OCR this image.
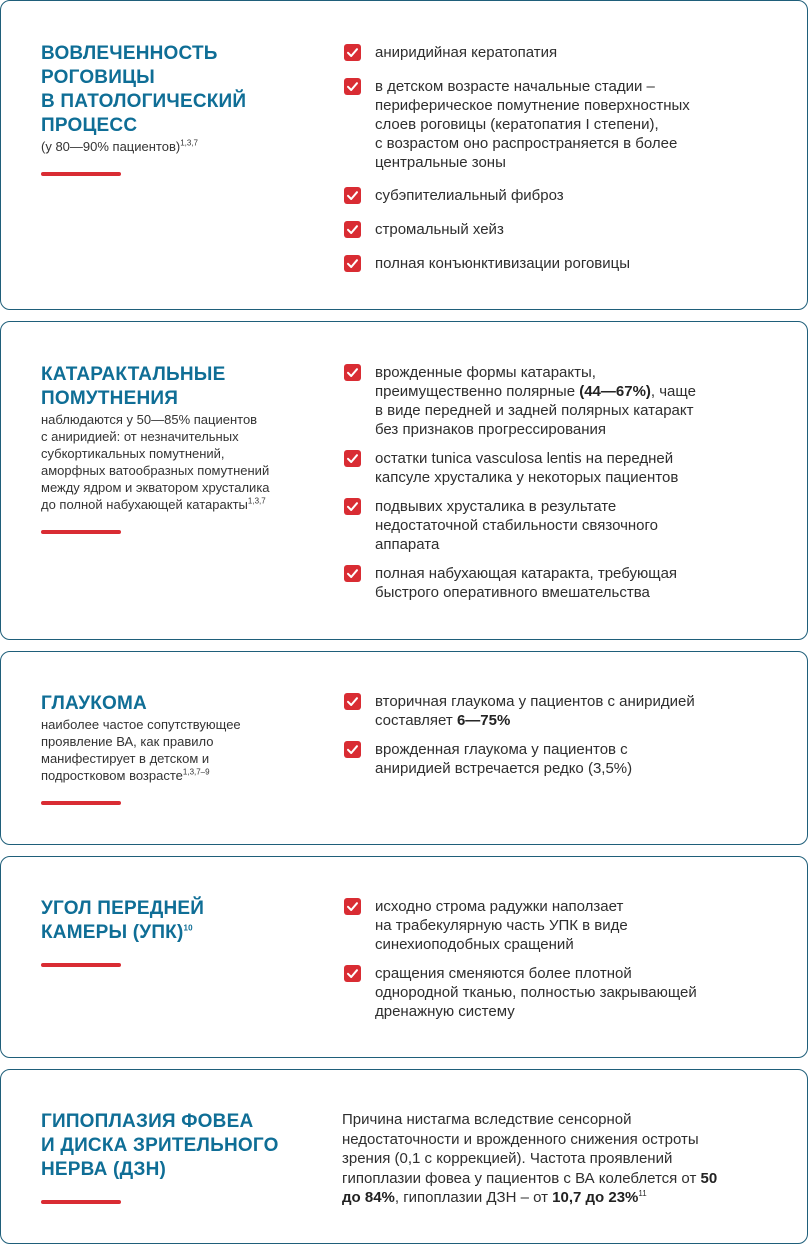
ВОВЛЕЧЕННОСТЬ
РОГОВИЦЫ
В ПАТОЛОГИЧЕСКИЙ
ПРОЦЕСС

(у 80—90% пациентов)$^{1,3,7}$

аниридийная кератопатия
в детском возрасте начальные стадии –
периферическое помутнение поверхностных
слоев роговицы (кератопатия I степени),
с возрастом оно распространяется в более
центральные зоны
субэпителиальный фиброз
стромальный хейз
полная конъюнктивизации роговицы

КАТАРАКТАЛЬНЫЕ
ПОМУТНЕНИЯ

наблюдаются у 50—85% пациентов
с аниридией: от незначительных
субкортикальных помутнений,
аморфных ватообразных помутнений
между ядром и экватором хрусталика
до полной набухающей катаракты$^{1,3,7}$

врожденные формы катаракты,
преимущественно полярные (44—67%), чаще
в виде передней и задней полярных катаракт
без признаков прогрессирования
остатки tunica vasculosa lentis на передней
капсуле хрусталика у некоторых пациентов
подвывих хрусталика в результате
недостаточной стабильности связочного
аппарата
полная набухающая катаракта, требующая
быстрого оперативного вмешательства

ГЛАУКОМА

наиболее частое сопутствующее
проявление ВА, как правило
манифестирует в детском и
подростковом возрасте$^{1,3,7-9}$

вторичная глаукома у пациентов с аниридией
составляет 6—75%
врожденная глаукома у пациентов с
аниридией встречается редко (3,5%)

УГОЛ ПЕРЕДНЕЙ
КАМЕРЫ (УПК)$^{10}$

исходно строма радужки наползает
на трабекулярную часть УПК в виде
синехиоподобных сращений
сращения сменяются более плотной
однородной тканью, полностью закрывающей
дренажную систему

ГИПОПЛАЗИЯ ФОВЕА
И ДИСКА ЗРИТЕЛЬНОГО
НЕРВА (ДЗН)

Причина нистагма вследствие сенсорной
недостаточности и врожденного снижения остроты
зрения (0,1 с коррекцией). Частота проявлений
гипоплазии фовеа у пациентов с ВА колеблется от 50
до 84%, гипоплазии ДЗН – от 10,7 до 23%$^{11}$
